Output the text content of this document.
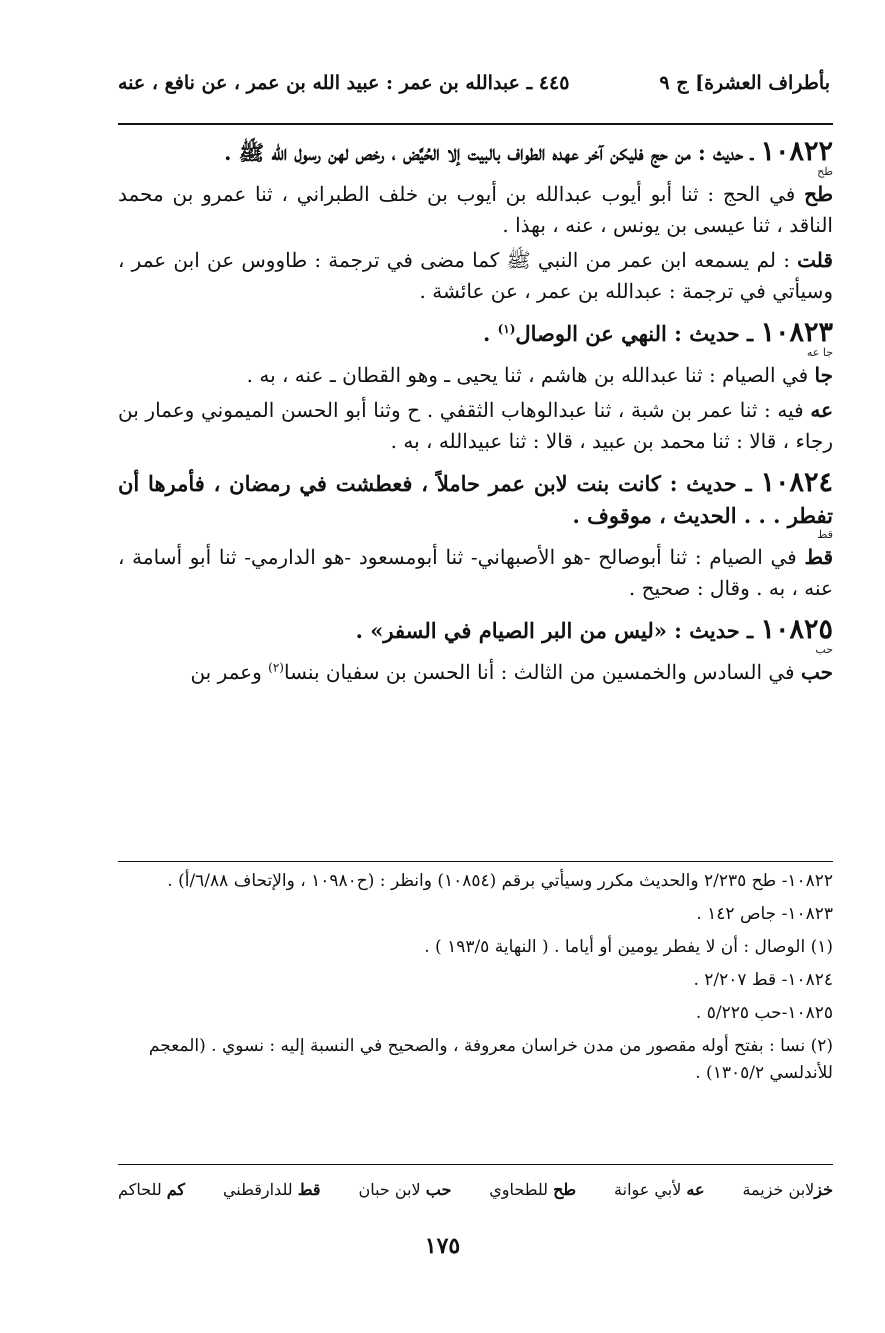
بأطراف العشرة] ج ٩
٤٤٥ ـ عبدالله بن عمر : عبيد الله بن عمر ، عن نافع ، عنه

١٠٨٢٢ ـ حديث : من حج فليكن آخر عهده الطواف بالبيت إلا الحُيَّض ، رخص لهن رسول الله ﷺ .

طح

طح في الحج : ثنا أبو أيوب عبدالله بن أيوب بن خلف الطبراني ، ثنا عمرو بن محمد الناقد ، ثنا عيسى بن يونس ، عنه ، بهذا .

قلت : لم يسمعه ابن عمر من النبي ﷺ كما مضى في ترجمة : طاووس عن ابن عمر ، وسيأتي في ترجمة : عبدالله بن عمر ، عن عائشة .

١٠٨٢٣ ـ حديث : النهي عن الوصال$^{(١)}$ .

جا عه

جا في الصيام : ثنا عبدالله بن هاشم ، ثنا يحيى ـ وهو القطان ـ عنه ، به .

عه فيه : ثنا عمر بن شبة ، ثنا عبدالوهاب الثقفي . ح وثنا أبو الحسن الميموني وعمار بن رجاء ، قالا : ثنا محمد بن عبيد ، قالا : ثنا عبيدالله ، به .

١٠٨٢٤ ـ حديث : كانت بنت لابن عمر حاملاً ، فعطشت في رمضان ، فأمرها أن تفطر . . . الحديث ، موقوف .

قط

قط في الصيام : ثنا أبوصالح -هو الأصبهاني- ثنا أبومسعود -هو الدارمي- ثنا أبو أسامة ، عنه ، به . وقال : صحيح .

١٠٨٢٥ ـ حديث : «ليس من البر الصيام في السفر» .

حب

حب في السادس والخمسين من الثالث : أنا الحسن بن سفيان بنسا$^{(٢)}$ وعمر بن

١٠٨٢٢- طح ٢/٢٣٥ والحديث مكرر وسيأتي برقم (١٠٨٥٤) وانظر : (ح١٠٩٨٠ ، والإتحاف ٦/٨٨/أ) .

١٠٨٢٣- جاص ١٤٢ .

(١) الوصال : أن لا يفطر يومين أو أياما . ( النهاية ١٩٣/٥ ) .

١٠٨٢٤- قط ٢/٢٠٧ .

١٠٨٢٥-حب ٥/٢٢٥ .

(٢) نسا : بفتح أوله مقصور من مدن خراسان معروفة ، والصحيح في النسبة إليه : نسوي . (المعجم للأندلسي ١٣٠٥/٢) .

خزلابن خزيمة
عه لأبي عوانة
طح للطحاوي
حب لابن حبان
قط للدارقطني
كم للحاكم
١٧٥
